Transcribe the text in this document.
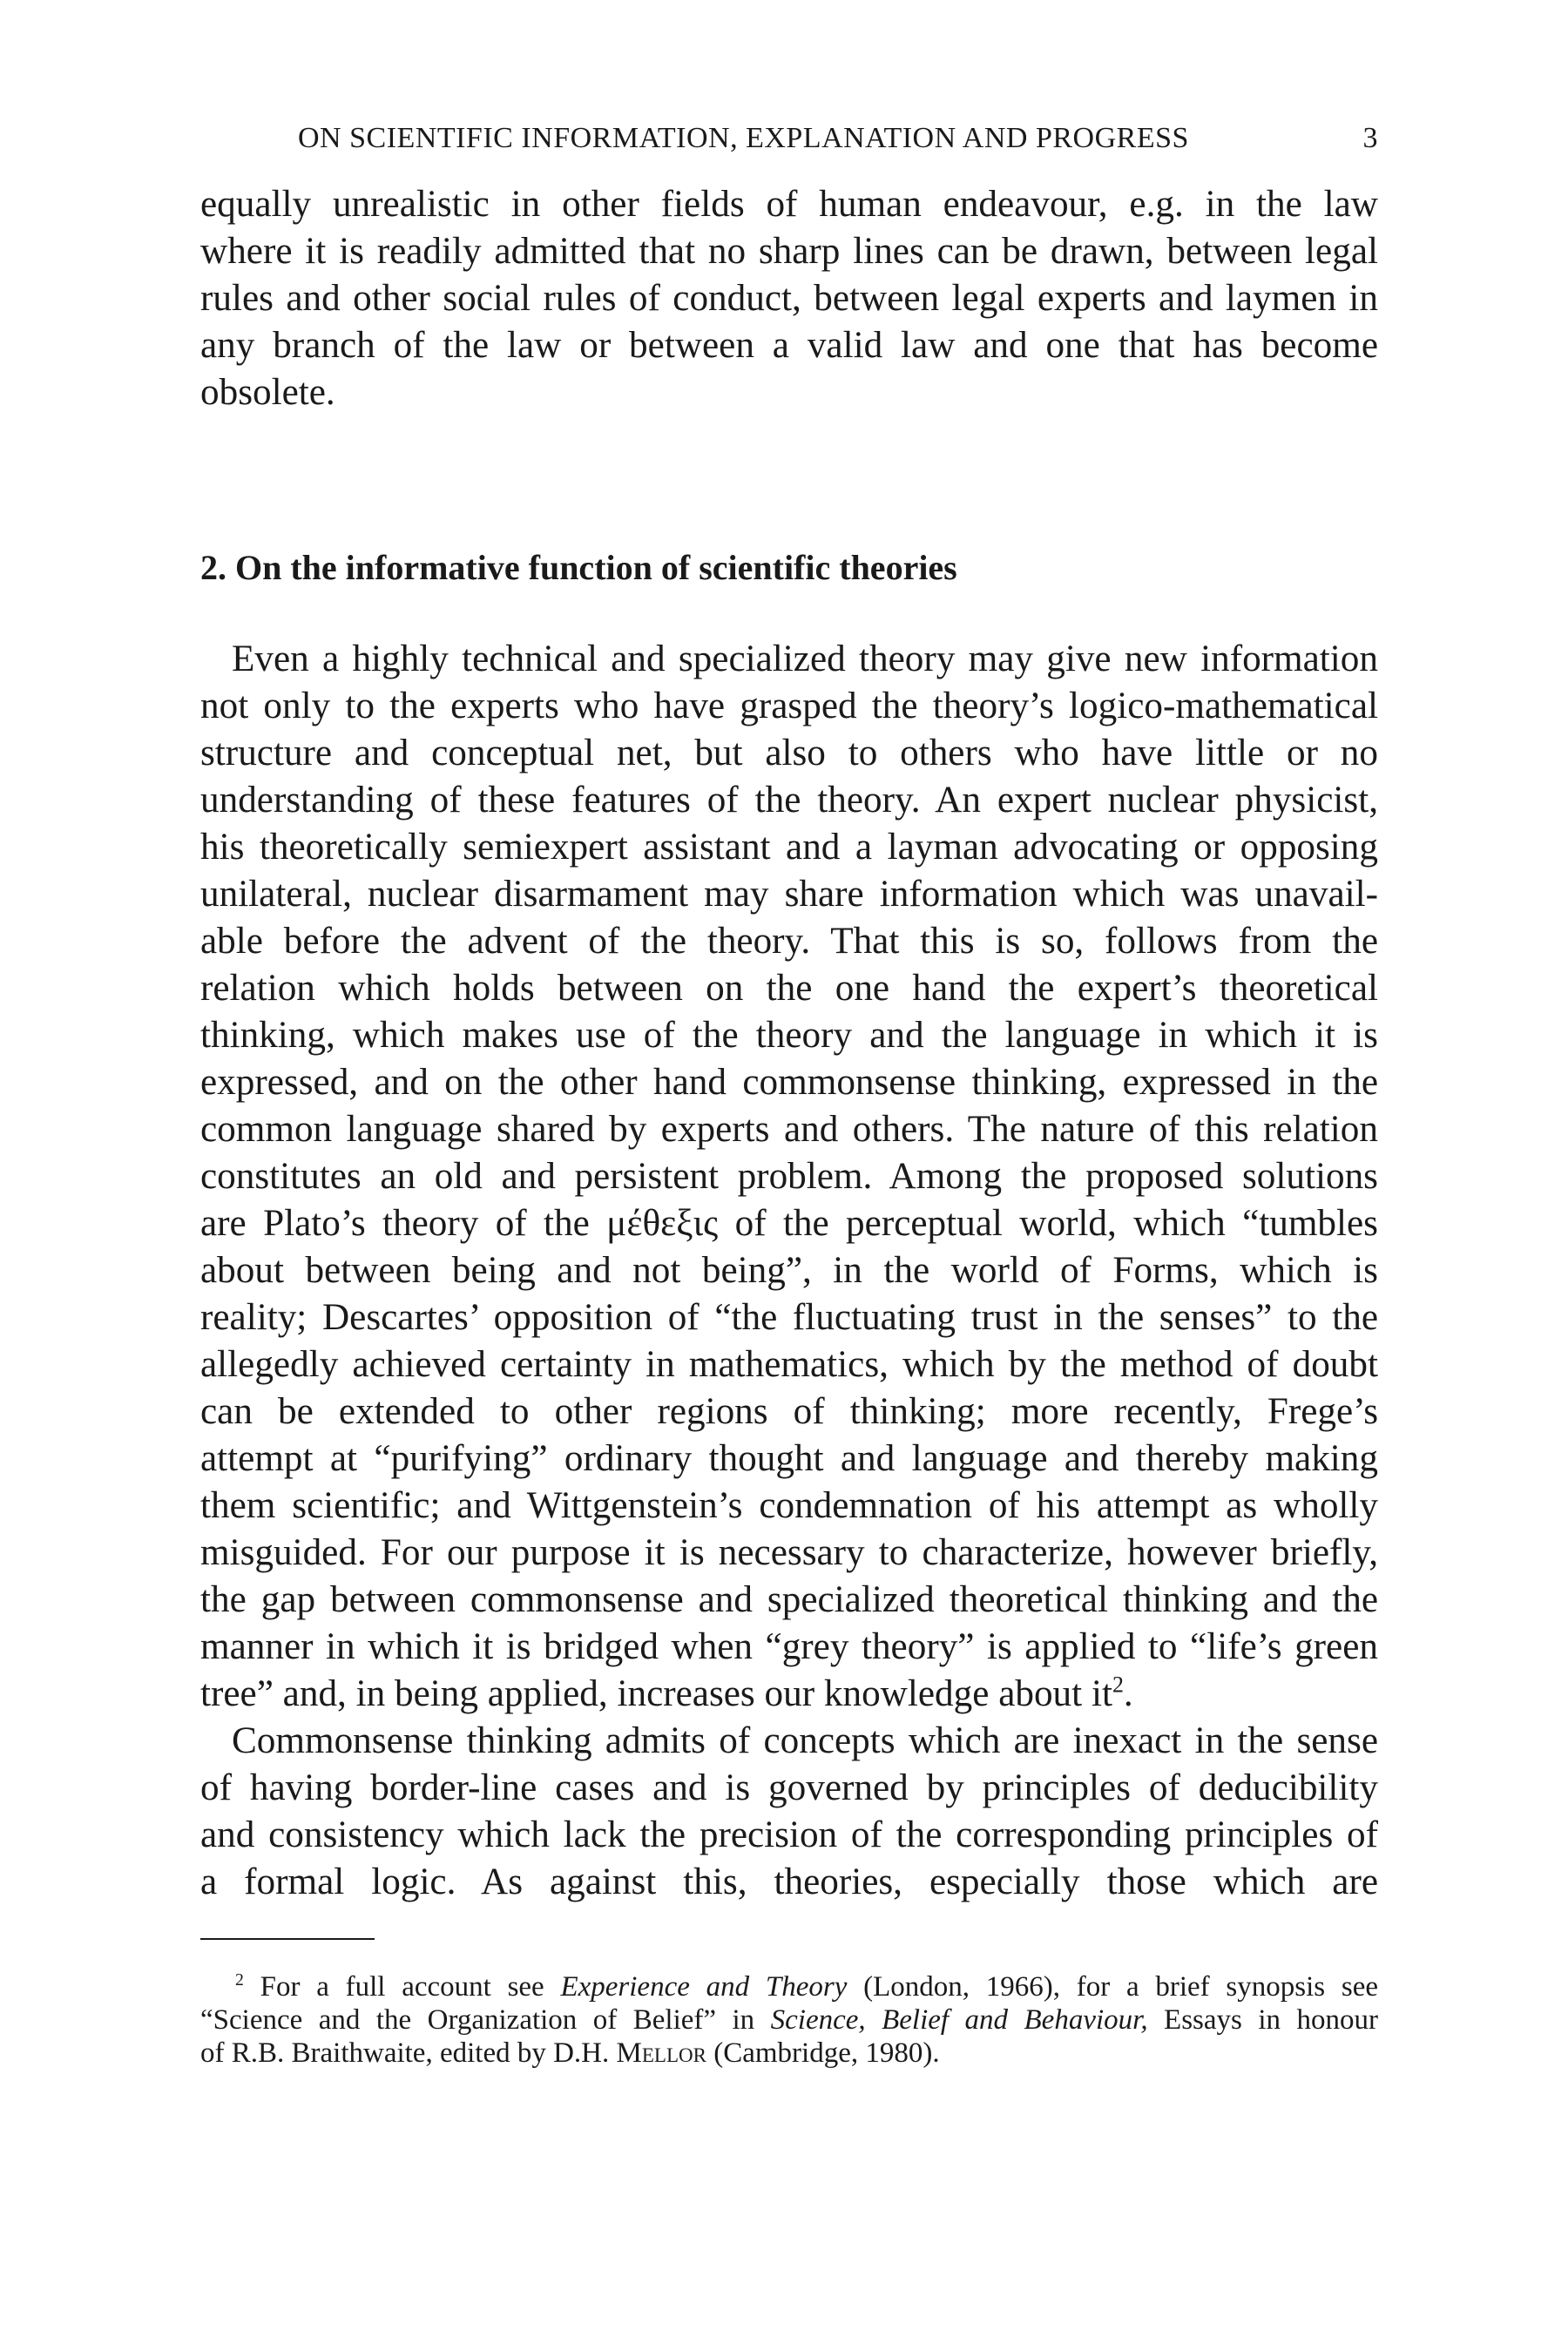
ON SCIENTIFIC INFORMATION, EXPLANATION AND PROGRESS	3
equally unrealistic in other fields of human endeavour, e.g. in the law
where it is readily admitted that no sharp lines can be drawn, between legal
rules and other social rules of conduct, between legal experts and laymen in
any branch of the law or between a valid law and one that has become
obsolete.
2. On the informative function of scientific theories
Even a highly technical and specialized theory may give new information
not only to the experts who have grasped the theory’s logico-mathematical
structure and conceptual net, but also to others who have little or no
understanding of these features of the theory. An expert nuclear physicist,
his theoretically semiexpert assistant and a layman advocating or opposing
unilateral, nuclear disarmament may share information which was unavail-
able before the advent of the theory. That this is so, follows from the
relation which holds between on the one hand the expert’s theoretical
thinking, which makes use of the theory and the language in which it is
expressed, and on the other hand commonsense thinking, expressed in the
common language shared by experts and others. The nature of this relation
constitutes an old and persistent problem. Among the proposed solutions
are Plato’s theory of the μέθεξις of the perceptual world, which “tumbles
about between being and not being”, in the world of Forms, which is
reality; Descartes’ opposition of “the fluctuating trust in the senses” to the
allegedly achieved certainty in mathematics, which by the method of doubt
can be extended to other regions of thinking; more recently, Frege’s
attempt at “purifying” ordinary thought and language and thereby making
them scientific; and Wittgenstein’s condemnation of his attempt as wholly
misguided. For our purpose it is necessary to characterize, however briefly,
the gap between commonsense and specialized theoretical thinking and the
manner in which it is bridged when “grey theory” is applied to “life’s green
tree” and, in being applied, increases our knowledge about $it^2$.
Commonsense thinking admits of concepts which are inexact in the sense
of having border-line cases and is governed by principles of deducibility
and consistency which lack the precision of the corresponding principles of
a formal logic. As against this, theories, especially those which are
$^2$ For a full account see Experience and Theory (London, 1966), for a brief synopsis see
“Science and the Organization of Belief” in Science, Belief and Behaviour, Essays in honour
of R.B. Braithwaite, edited by D.H. Mellor (Cambridge, 1980).
